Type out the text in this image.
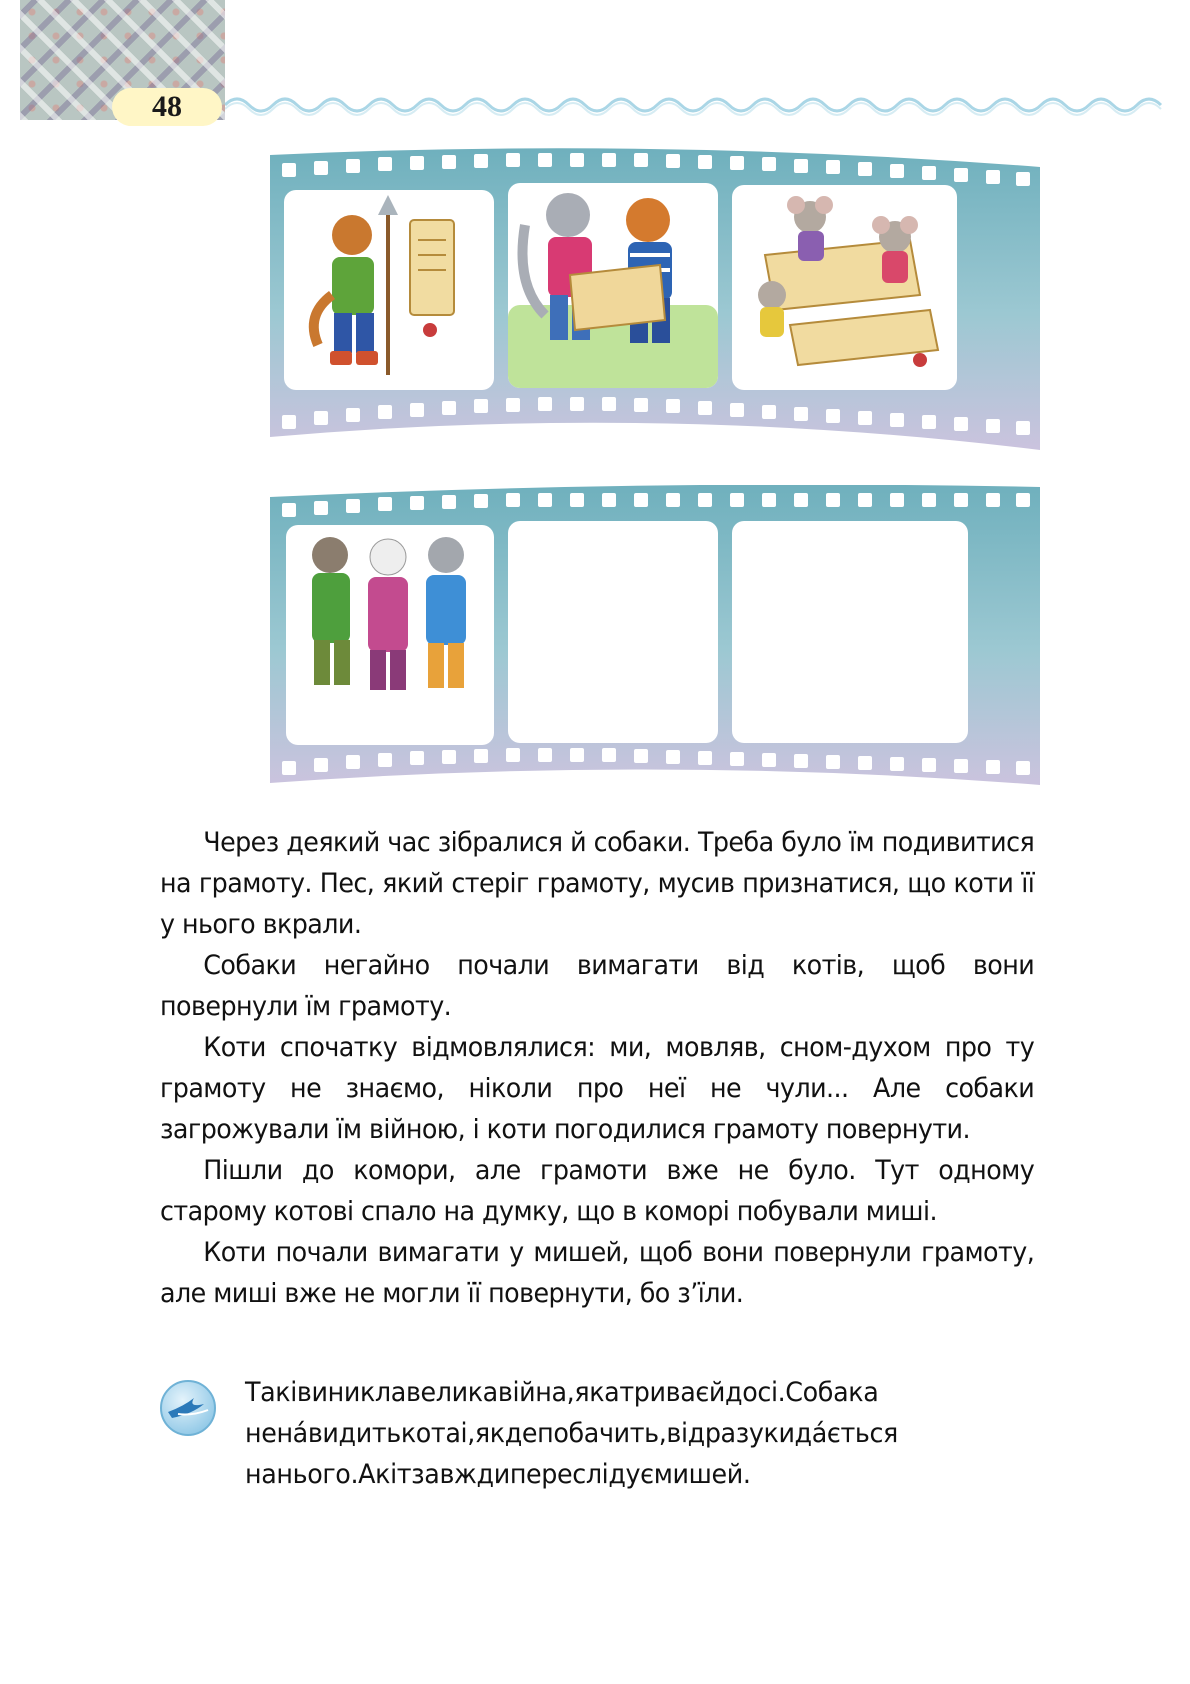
48

Через деякий час зібралися й собаки. Треба було їм подивитися на грамоту. Пес, який стеріг грамоту, мусив признатися, що коти її у нього вкрали.

Собаки негайно почали вимагати від котів, щоб вони повернули їм грамоту.

Коти спочатку відмовлялися: ми, мовляв, сном-духом про ту грамоту не знаємо, ніколи про неї не чули... Але собаки загрожували їм війною, і коти погодилися грамоту повернути.

Пішли до комори, але грамоти вже не було. Тут одному старому котові спало на думку, що в коморі побували миші.

Коти почали вимагати у мишей, щоб вони повернули грамоту, але миші вже не могли її повернути, бо з’їли.

Такiвиниклавеликавiйна,якатриваєйдосi.Собака ненáвидитькотаi,якдепобачить,вiдразукидáється нанього.Акiтзавждипереслiдуємишей.
